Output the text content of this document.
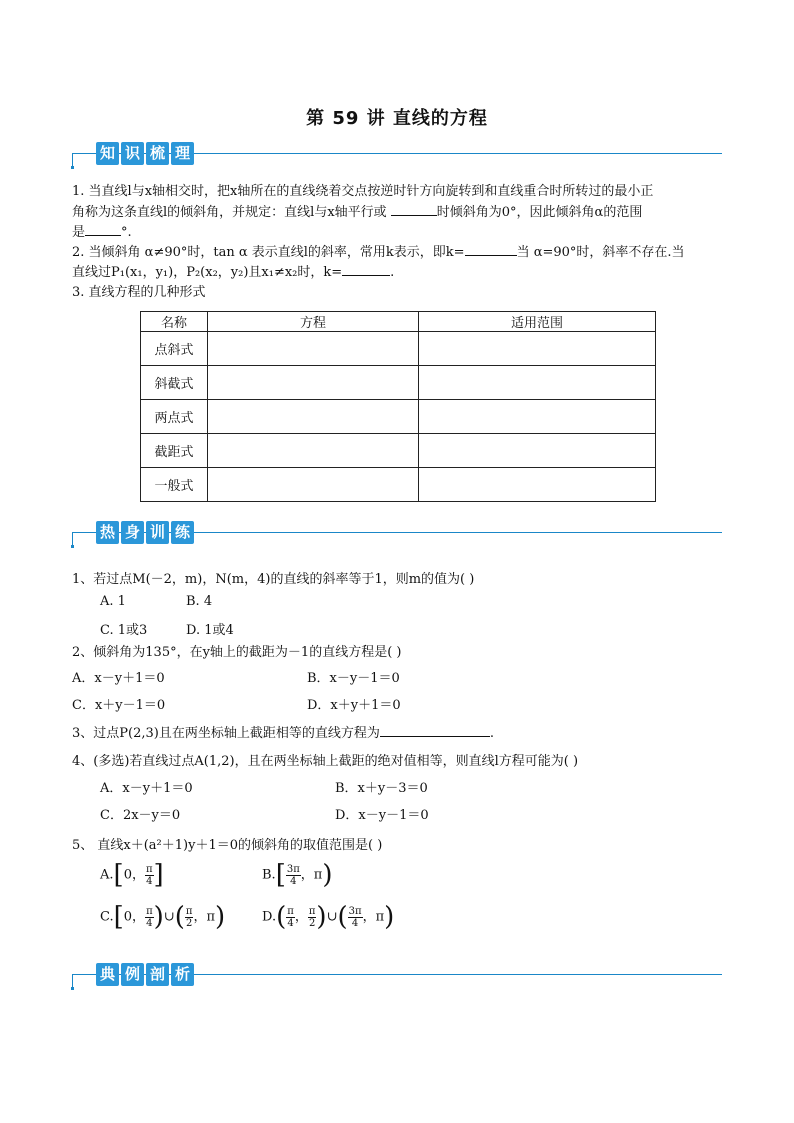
第 59 讲 直线的方程
知 识 梳 理
1. 当直线l与x轴相交时，把x轴所在的直线绕着交点按逆时针方向旋转到和直线重合时所转过的最小正
角称为这条直线l的倾斜角，并规定：直线l与x轴平行或	时倾斜角为0°，因此倾斜角α的范围
是	°.
2. 当倾斜角 α≠90°时，tan α 表示直线l的斜率，常用k表示，即k=	当 α=90°时，斜率不存在.当
直线过P₁(x₁，y₁)，P₂(x₂，y₂)且x₁≠x₂时，k=	.
3. 直线方程的几种形式
名称	方程	适用范围
点斜式		
斜截式		
两点式		
截距式		
一般式		
热 身 训 练
1、若过点M(－2，m)，N(m，4)的直线的斜率等于1，则m的值为( )
A. 1	B. 4
C. 1或3	D. 1或4
2、倾斜角为135°，在y轴上的截距为－1的直线方程是( )
A．x－y＋1＝0	B．x－y－1＝0
C．x＋y－1＝0	D．x＋y＋1＝0
3、过点P(2,3)且在两坐标轴上截距相等的直线方程为	.
4、(多选)若直线过点A(1,2)，且在两坐标轴上截距的绝对值相等，则直线l方程可能为( )
A．x－y＋1＝0	B．x＋y－3＝0
C．2x－y＝0	D．x－y－1＝0
5、 直线x＋(a²＋1)y＋1＝0的倾斜角的取值范围是( )
A.[0， $\frac{\pi}{4}$ ]	$B.[ \frac{3\pi}{4}$ ，π)
C.[0， $\frac{\pi}{4}$ )∪( $\frac{\pi}{2}$ ，π)	$D.( \frac{\pi}{4}$ ， $\frac{\pi}{2}$ )∪( $\frac{3\pi}{4}$ ，π)
典 例 剖 析
